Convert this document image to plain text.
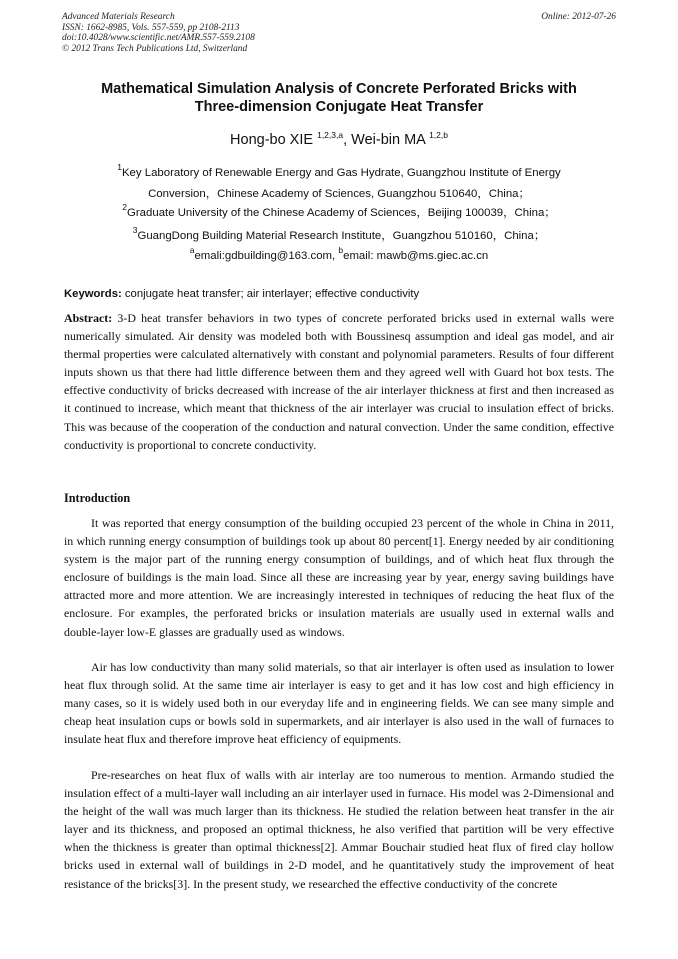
Advanced Materials Research
ISSN: 1662-8985, Vols. 557-559, pp 2108-2113
doi:10.4028/www.scientific.net/AMR.557-559.2108
© 2012 Trans Tech Publications Ltd, Switzerland
Online: 2012-07-26
Mathematical Simulation Analysis of Concrete Perforated Bricks with
Three-dimension Conjugate Heat Transfer
Hong-bo XIE $^{1,2,3,a}$, Wei-bin MA $^{1,2,b}$
$^1$Key Laboratory of Renewable Energy and Gas Hydrate, Guangzhou Institute of Energy
Conversion，Chinese Academy of Sciences, Guangzhou 510640，China；
$^2$Graduate University of the Chinese Academy of Sciences，Beijing 100039，China；
$^3$GuangDong Building Material Research Institute，Guangzhou 510160，China；
$^a$emali:gdbuilding@163.com, $^b$email: mawb@ms.giec.ac.cn
Keywords: conjugate heat transfer; air interlayer; effective conductivity
Abstract: 3-D heat transfer behaviors in two types of concrete perforated bricks used in external walls were numerically simulated. Air density was modeled both with Boussinesq assumption and ideal gas model, and air thermal properties were calculated alternatively with constant and polynomial parameters. Results of four different inputs shown us that there had little difference between them and they agreed well with Guard hot box tests. The effective conductivity of bricks decreased with increase of the air interlayer thickness at first and then increased as it continued to increase, which meant that thickness of the air interlayer was crucial to insulation effect of bricks. This was because of the cooperation of the conduction and natural convection. Under the same condition, effective conductivity is proportional to concrete conductivity.
Introduction
It was reported that energy consumption of the building occupied 23 percent of the whole in China in 2011, in which running energy consumption of buildings took up about 80 percent[1]. Energy needed by air conditioning system is the major part of the running energy consumption of buildings, and of which heat flux through the enclosure of buildings is the main load. Since all these are increasing year by year, energy saving buildings have attracted more and more attention. We are increasingly interested in techniques of reducing the heat flux of the enclosure. For examples, the perforated bricks or insulation materials are usually used in external walls and double-layer low-E glasses are gradually used as windows.
Air has low conductivity than many solid materials, so that air interlayer is often used as insulation to lower heat flux through solid. At the same time air interlayer is easy to get and it has low cost and high efficiency in many cases, so it is widely used both in our everyday life and in engineering fields. We can see many simple and cheap heat insulation cups or bowls sold in supermarkets, and air interlayer is also used in the wall of furnaces to insulate heat flux and therefore improve heat efficiency of equipments.
Pre-researches on heat flux of walls with air interlay are too numerous to mention. Armando studied the insulation effect of a multi-layer wall including an air interlayer used in furnace. His model was 2-Dimensional and the height of the wall was much larger than its thickness. He studied the relation between heat transfer in the air layer and its thickness, and proposed an optimal thickness, he also verified that partition will be very effective when the thickness is greater than optimal thickness[2]. Ammar Bouchair studied heat flux of fired clay hollow bricks used in external wall of buildings in 2-D model, and he quantitatively study the improvement of heat resistance of the bricks[3]. In the present study, we researched the effective conductivity of the concrete
